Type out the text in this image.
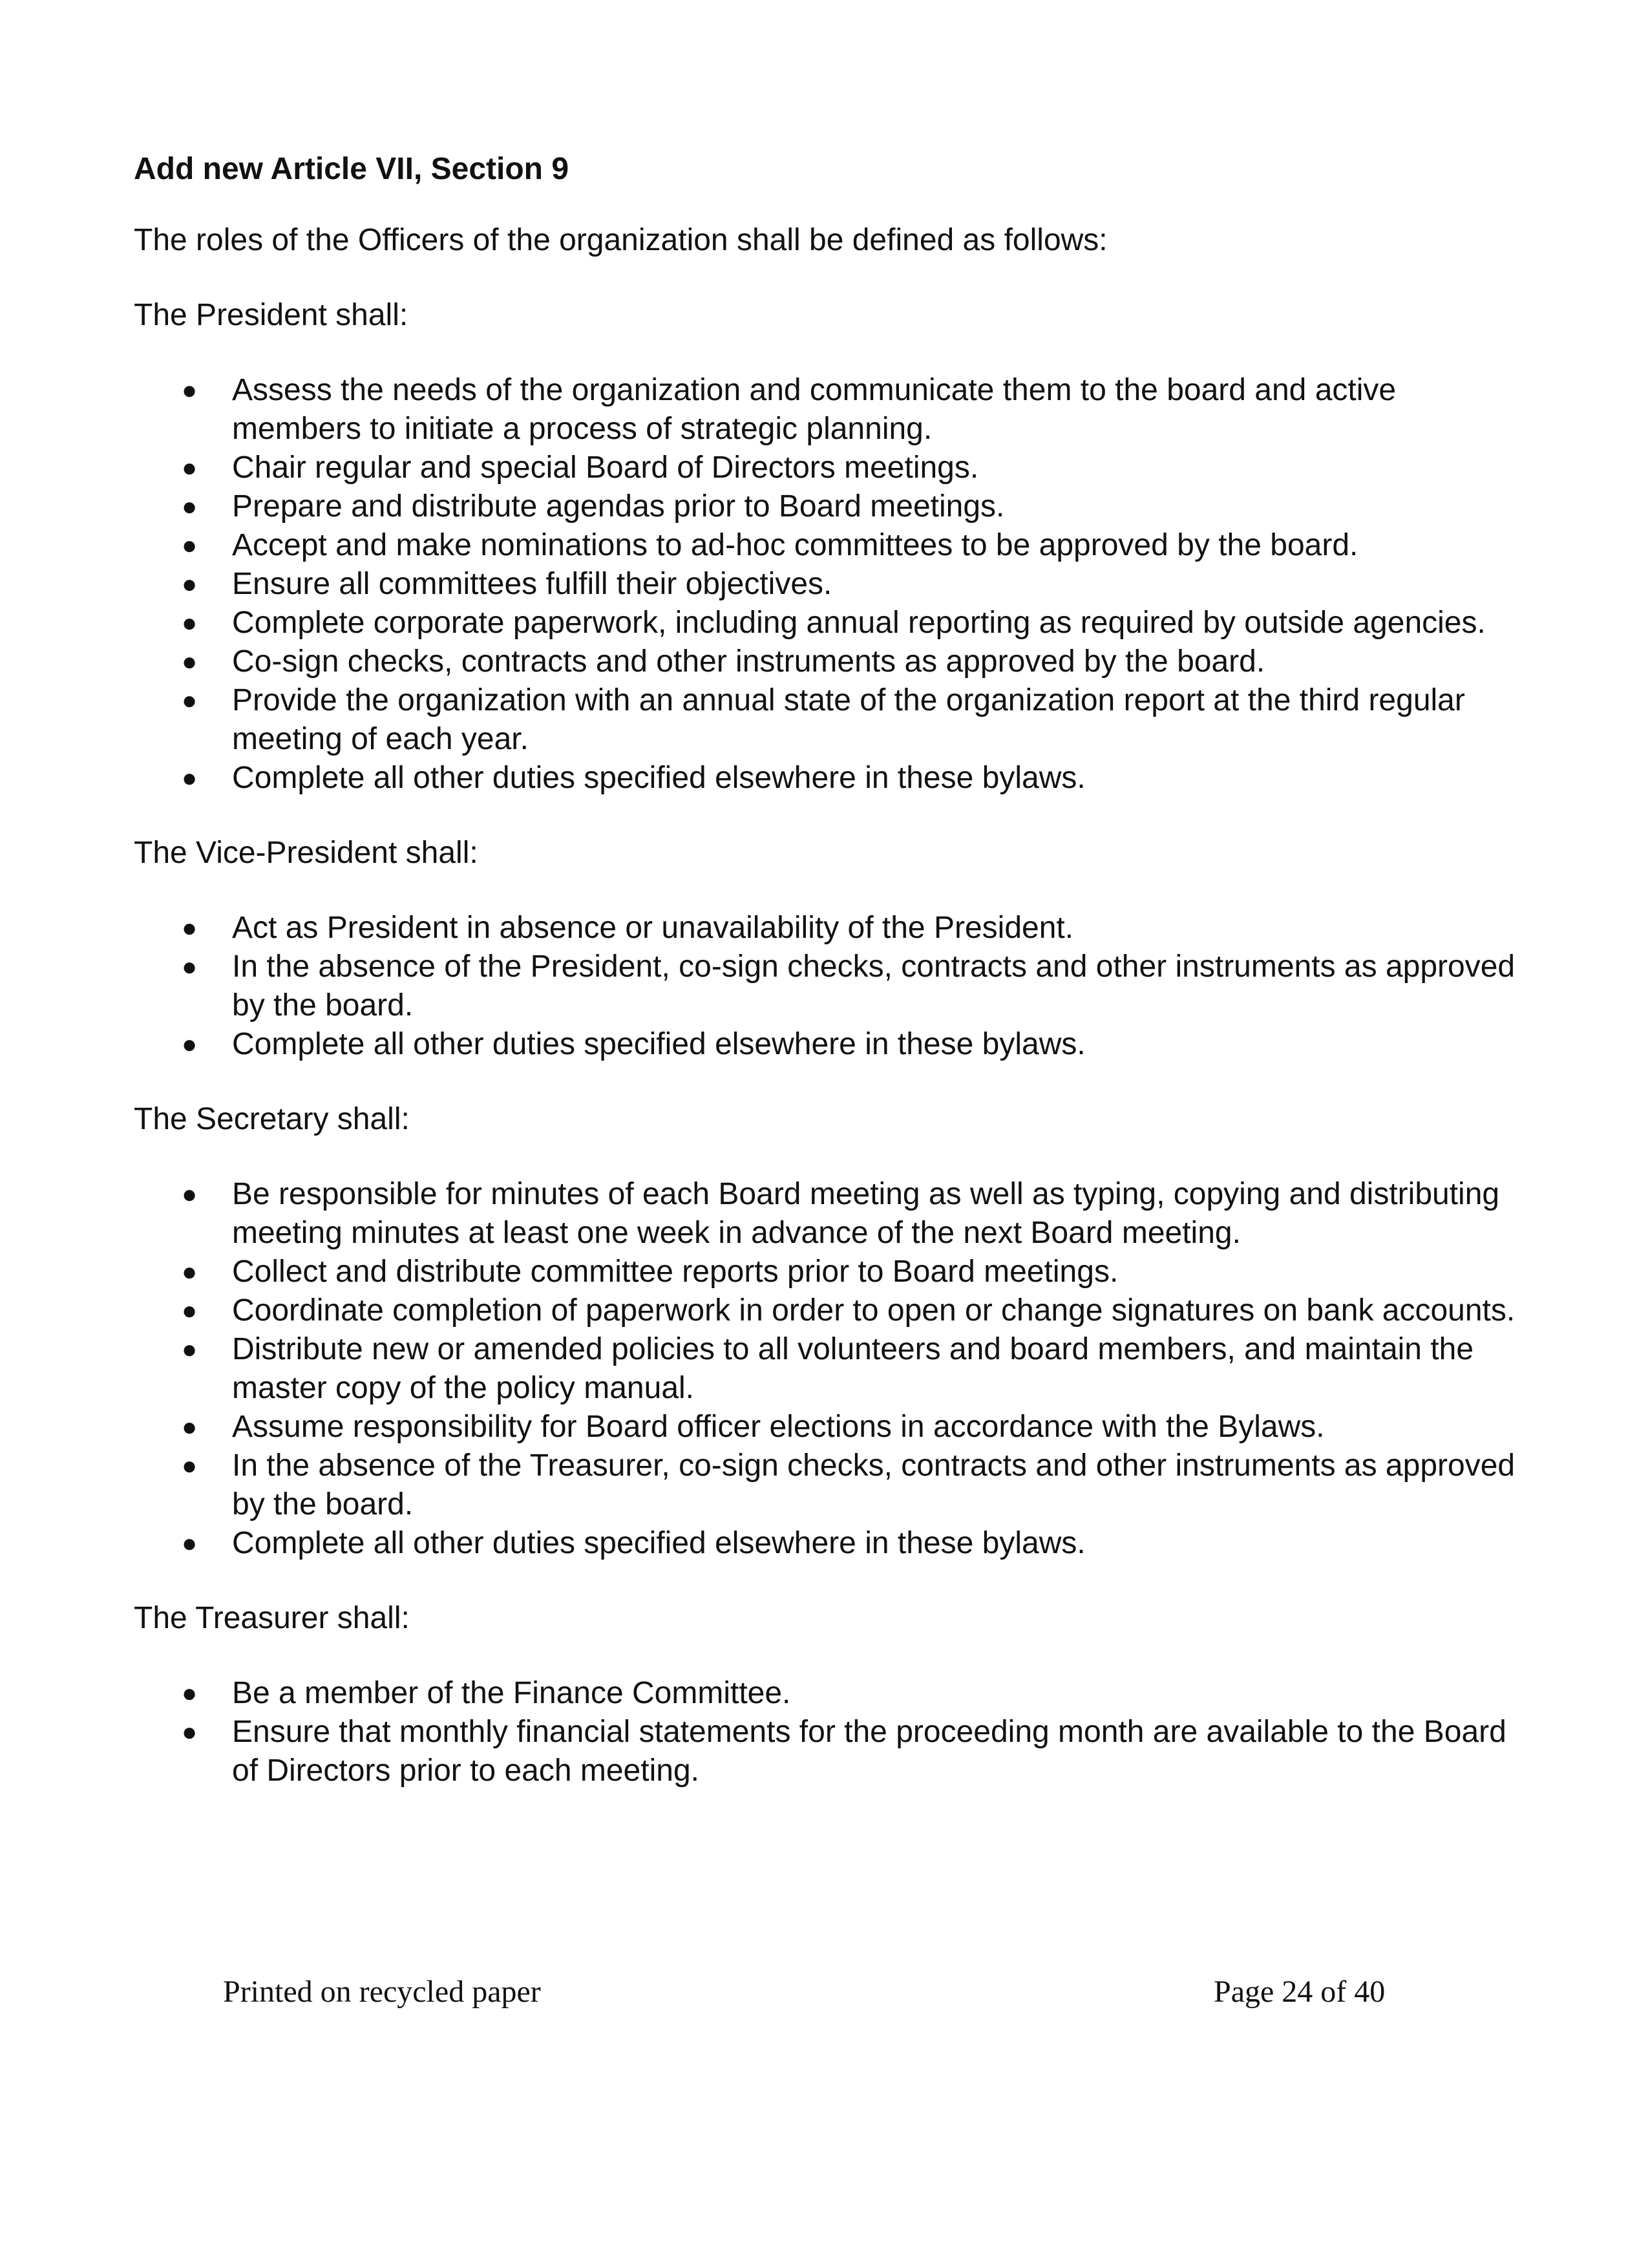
Add new Article VII, Section 9
The roles of the Officers of the organization shall be defined as follows:
The President shall:
● Assess the needs of the organization and communicate them to the board and active members to initiate a process of strategic planning.
● Chair regular and special Board of Directors meetings.
● Prepare and distribute agendas prior to Board meetings.
● Accept and make nominations to ad-hoc committees to be approved by the board.
● Ensure all committees fulfill their objectives.
● Complete corporate paperwork, including annual reporting as required by outside agencies.
● Co-sign checks, contracts and other instruments as approved by the board.
● Provide the organization with an annual state of the organization report at the third regular meeting of each year.
● Complete all other duties specified elsewhere in these bylaws.
The Vice-President shall:
● Act as President in absence or unavailability of the President.
● In the absence of the President, co-sign checks, contracts and other instruments as approved by the board.
● Complete all other duties specified elsewhere in these bylaws.
The Secretary shall:
● Be responsible for minutes of each Board meeting as well as typing, copying and distributing meeting minutes at least one week in advance of the next Board meeting.
● Collect and distribute committee reports prior to Board meetings.
● Coordinate completion of paperwork in order to open or change signatures on bank accounts.
● Distribute new or amended policies to all volunteers and board members, and maintain the master copy of the policy manual.
● Assume responsibility for Board officer elections in accordance with the Bylaws.
● In the absence of the Treasurer, co-sign checks, contracts and other instruments as approved by the board.
● Complete all other duties specified elsewhere in these bylaws.
The Treasurer shall:
● Be a member of the Finance Committee.
● Ensure that monthly financial statements for the proceeding month are available to the Board of Directors prior to each meeting.
Printed on recycled paper	Page 24 of 40
